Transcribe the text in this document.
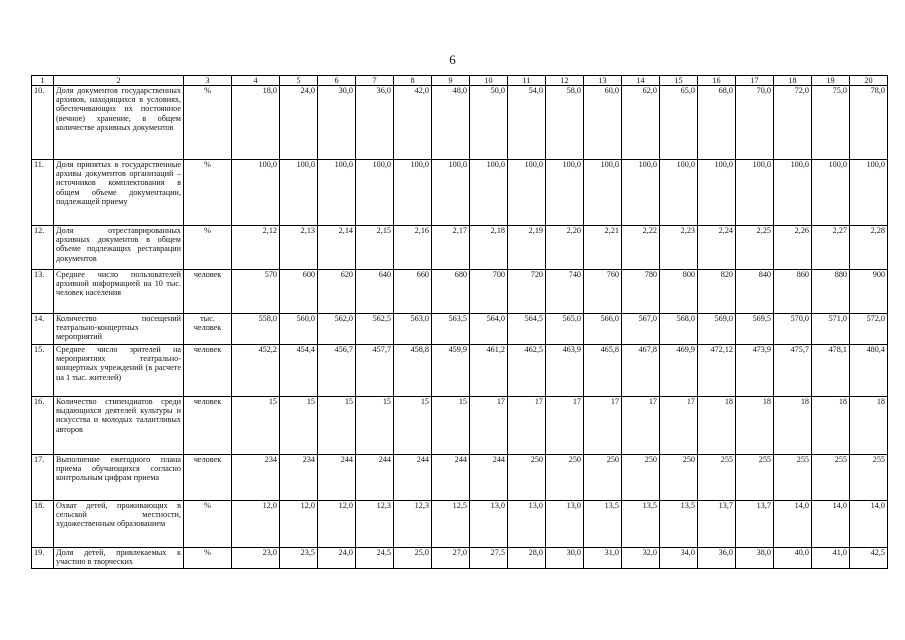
6
1	2	3	4	5	6	7	8	9	10	11	12	13	14	15	16	17	18	19	20
10.	Доля документов государственных архивов, находящихся в условиях, обеспечивающих их постоянное (вечное) хранение, в общем количестве архивных документов	%	18,0	24,0	30,0	36,0	42,0	48,0	50,0	54,0	58,0	60,0	62,0	65,0	68,0	70,0	72,0	75,0	78,0
11.	Доля принятых в государственные архивы документов организаций – источников комплектования в общем объеме документации, подлежащей приему	%	100,0	100,0	100,0	100,0	100,0	100,0	100,0	100,0	100,0	100,0	100,0	100,0	100,0	100,0	100,0	100,0	100,0
12.	Доля отреставрированных архивных документов в общем объеме подлежащих реставрации документов	%	2,12	2,13	2,14	2,15	2,16	2,17	2,18	2,19	2,20	2,21	2,22	2,23	2,24	2,25	2,26	2,27	2,28
13.	Среднее число пользователей архивной информацией на 10 тыс. человек населения	человек	570	600	620	640	660	680	700	720	740	760	780	800	820	840	860	880	900
14.	Количество посещений театрально-концертных мероприятий	тыс. человек	558,0	560,0	562,0	562,5	563,0	563,5	564,0	564,5	565,0	566,0	567,0	568,0	569,0	569,5	570,0	571,0	572,0
15.	Среднее число зрителей на мероприятиях театрально-концертных учреждений (в расчете на 1 тыс. жителей)	человек	452,2	454,4	456,7	457,7	458,8	459,9	461,2	462,5	463,9	465,8	467,8	469,9	472,12	473,9	475,7	478,1	480,4
16.	Количество стипендиатов среди выдающихся деятелей культуры и искусства и молодых талантливых авторов	человек	15	15	15	15	15	15	17	17	17	17	17	17	18	18	18	18	18
17.	Выполнение ежегодного плана приема обучающихся согласно контрольным цифрам приема	человек	234	234	244	244	244	244	244	250	250	250	250	250	255	255	255	255	255
18.	Охват детей, проживающих в сельской местности, художественным образованием	%	12,0	12,0	12,0	12,3	12,3	12,5	13,0	13,0	13,0	13,5	13,5	13,5	13,7	13,7	14,0	14,0	14,0
19.	Доля детей, привлекаемых к участию в творческих	%	23,0	23,5	24,0	24,5	25,0	27,0	27,5	28,0	30,0	31,0	32,0	34,0	36,0	38,0	40,0	41,0	42,5
